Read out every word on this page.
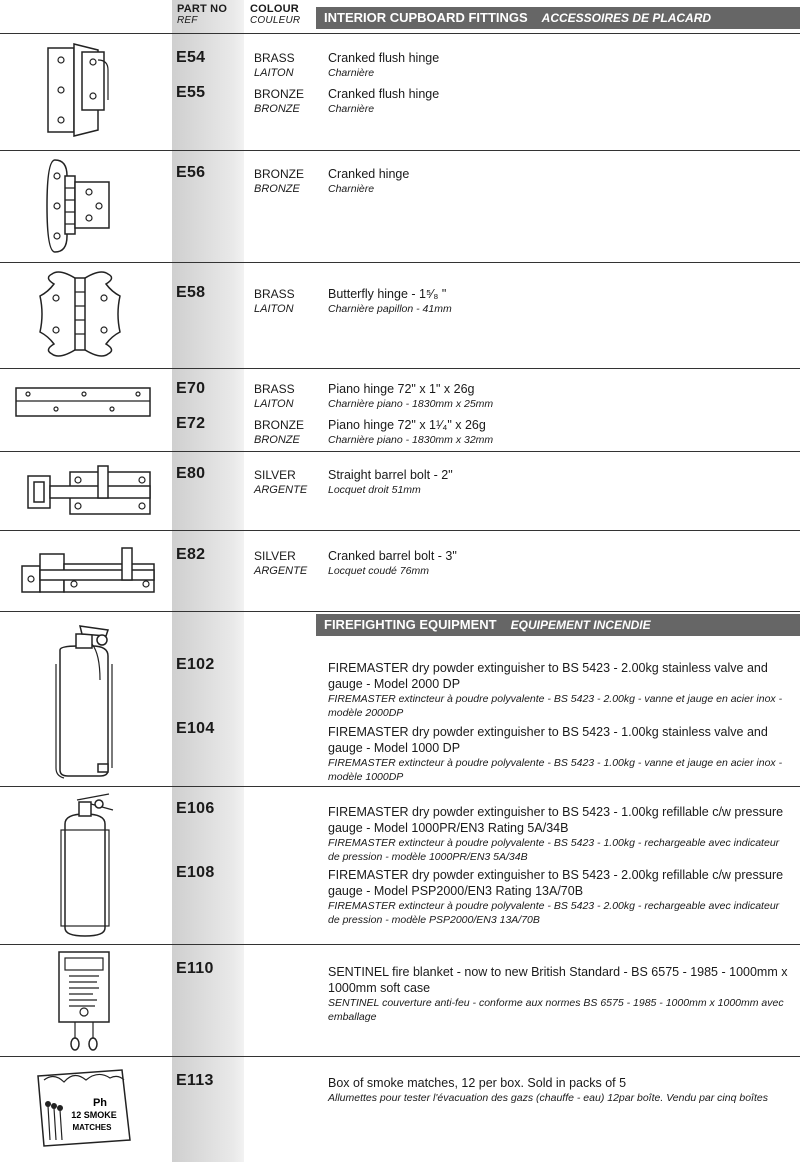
PART NO
REF
COLOUR
COULEUR	INTERIOR CUPBOARD FITTINGS ACCESSOIRES DE PLACARD
FIREFIGHTING EQUIPMENT EQUIPEMENT INCENDIE
E54	BRASS
LAITON
Cranked flush hinge
Charnière
E55	BRONZE
BRONZE
Cranked flush hinge
Charnière
E56	BRONZE
BRONZE
Cranked hinge
Charnière
E58	BRASS
LAITON
Butterfly hinge - 1⁵⁄₈ "
Charnière papillon - 41mm
E70	BRASS
LAITON
Piano hinge 72" x 1" x 26g
Charnière piano - 1830mm x 25mm
E72	BRONZE
BRONZE
Piano hinge 72" x 1¹⁄₄" x 26g
Charnière piano - 1830mm x 32mm
E80	SILVER
ARGENTE
Straight barrel bolt - 2"
Locquet droit 51mm
E82	SILVER
ARGENTE
Cranked barrel bolt - 3"
Locquet coudé 76mm
E102	FIREMASTER dry powder extinguisher to BS 5423 - 2.00kg stainless valve and gauge - Model 2000 DP
FIREMASTER extincteur à poudre polyvalente - BS 5423 - 2.00kg - vanne et jauge en acier inox - modèle 2000DP
E104	FIREMASTER dry powder extinguisher to BS 5423 - 1.00kg stainless valve and gauge - Model 1000 DP
FIREMASTER extincteur à poudre polyvalente - BS 5423 - 1.00kg - vanne et jauge en acier inox - modèle 1000DP
E106	FIREMASTER dry powder extinguisher to BS 5423 - 1.00kg refillable c/w pressure gauge - Model 1000PR/EN3 Rating 5A/34B
FIREMASTER extincteur à poudre polyvalente - BS 5423 - 1.00kg - rechargeable avec indicateur de pression - modèle 1000PR/EN3 5A/34B
E108	FIREMASTER dry powder extinguisher to BS 5423 - 2.00kg refillable c/w pressure gauge - Model PSP2000/EN3 Rating 13A/70B
FIREMASTER extincteur à poudre polyvalente - BS 5423 - 2.00kg - rechargeable avec indicateur de pression - modèle PSP2000/EN3 13A/70B
E110	SENTINEL fire blanket - now to new British Standard - BS 6575 - 1985 - 1000mm x 1000mm soft case
SENTINEL couverture anti-feu - conforme aux normes BS 6575 - 1985 - 1000mm x 1000mm avec emballage
E113	Box of smoke matches, 12 per box. Sold in packs of 5
Allumettes pour tester l'évacuation des gazs (chauffe - eau) 12par boîte. Vendu par cinq boîtes
Ph
12 SMOKE
MATCHES
